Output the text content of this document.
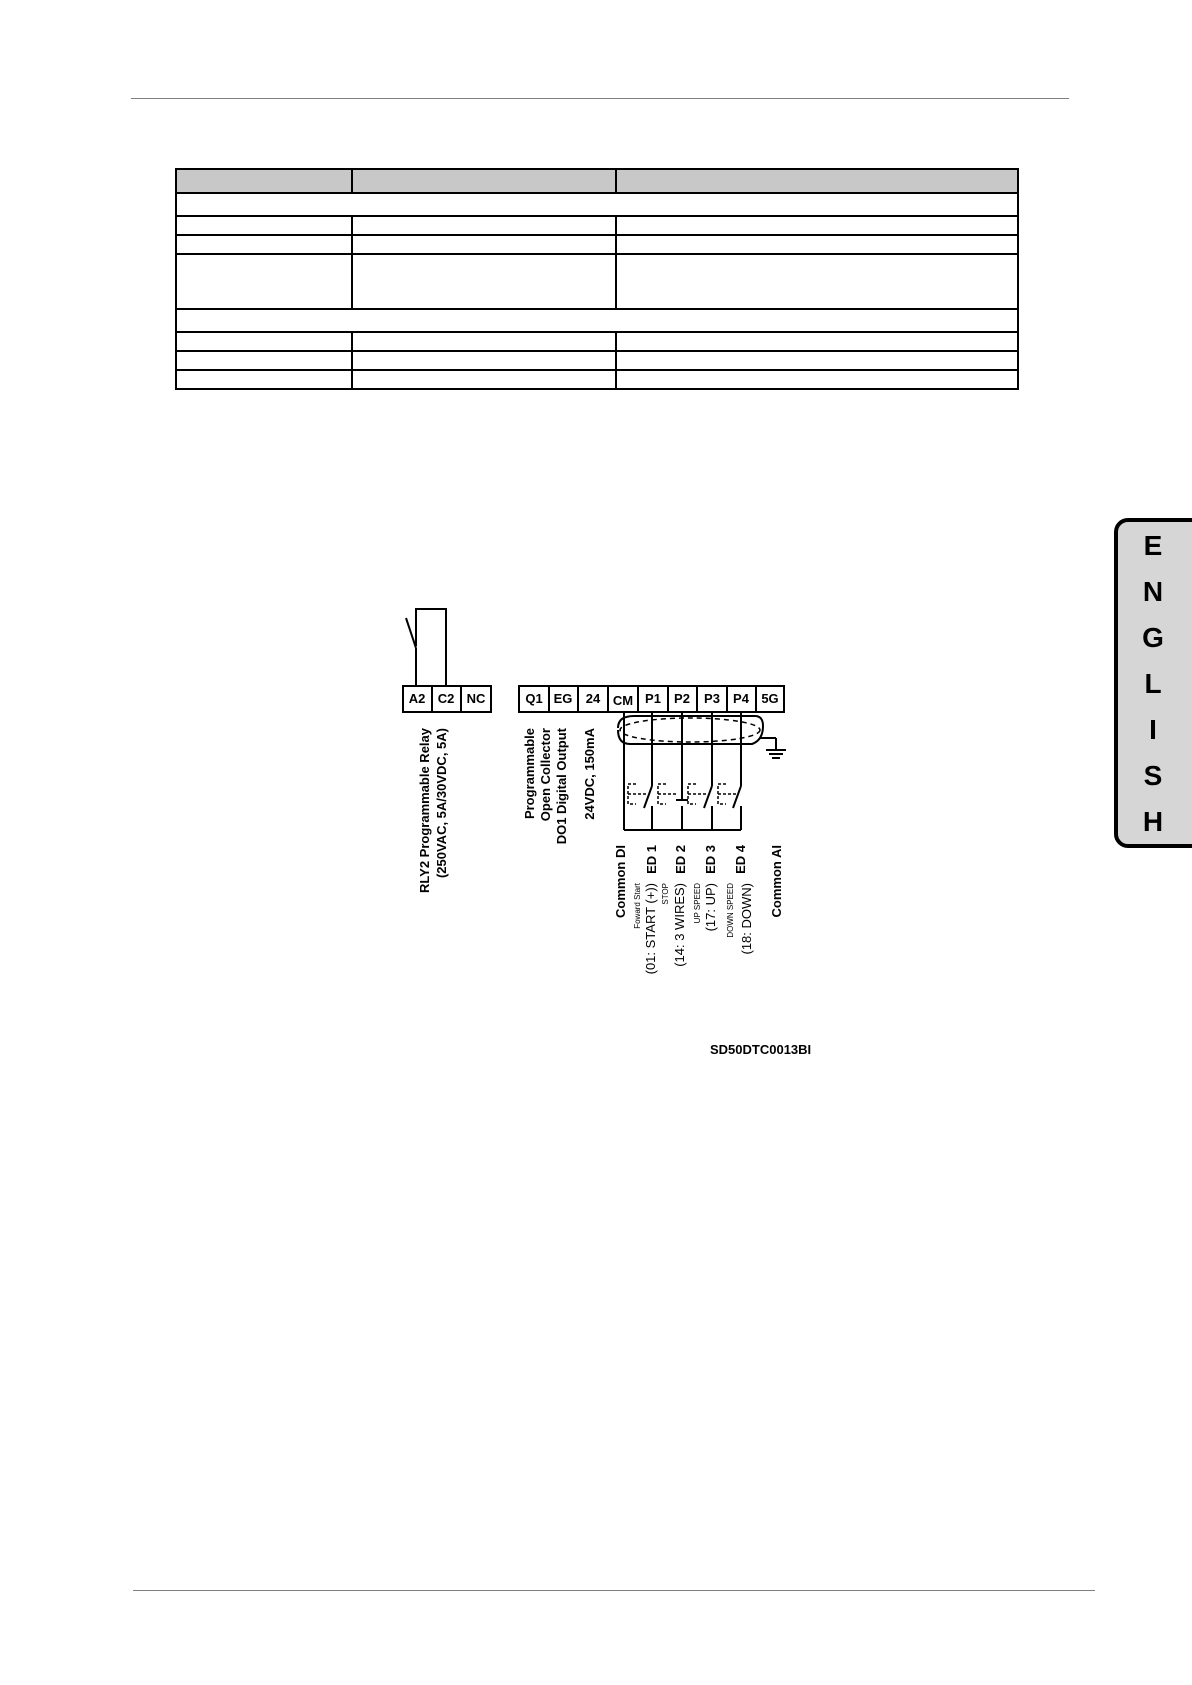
E
N
G
L
I
S
H
A2 C2 NC	Q1 EG 24 CM P1 P2 P3 P4 5G
RLY2 Programmable Relay (250VAC, 5A/30VDC, 5A)	Programmable Open Collector DO1 Digital Output 24VDC, 150mA
Common DI ED 1 ED 2 ED 3 ED 4 Common AI
Foward Start STOP	UP SPEED	DOWN SPEED
(01: START (+)) (14: 3 WIRES) (17: UP) (18: DOWN)
SD50DTC0013BI
